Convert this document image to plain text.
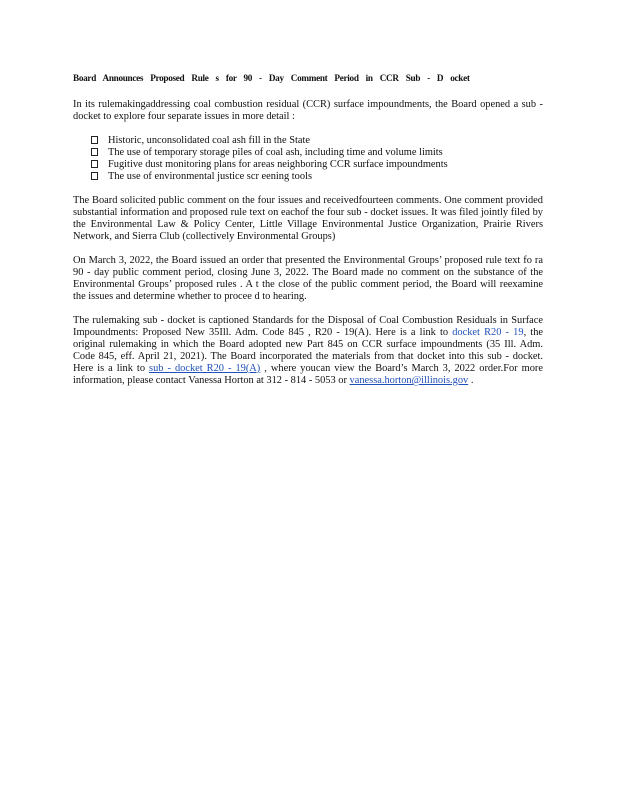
Board Announces Proposed Rule s for 90 - Day Comment Period in CCR Sub - D ocket

In its rulemakingaddressing coal combustion residual (CCR) surface impoundments, the Board opened a sub - docket to explore four separate issues in more detail :

Historic, unconsolidated coal ash fill in the State
The use of temporary storage piles of coal ash, including time and volume limits
Fugitive dust monitoring plans for areas neighboring CCR surface impoundments
The use of environmental justice scr eening tools

The Board solicited public comment on the four issues and receivedfourteen comments. One comment provided substantial information and proposed rule text on eachof the four sub - docket issues. It was filed jointly filed by the Environmental Law & Policy Center, Little Village Environmental Justice Organization, Prairie Rivers Network, and Sierra Club (collectively Environmental Groups)

On March 3, 2022, the Board issued an order that presented the Environmental Groups’ proposed rule text fo ra 90 - day public comment period, closing June 3, 2022. The Board made no comment on the substance of the Environmental Groups’ proposed rules . A t the close of the public comment period, the Board will reexamine the issues and determine whether to procee d to hearing.

The rulemaking sub - docket is captioned Standards for the Disposal of Coal Combustion Residuals in Surface Impoundments: Proposed New 35Ill. Adm. Code 845 , R20 - 19(A). Here is a link to docket R20 - 19, the original rulemaking in which the Board adopted new Part 845 on CCR surface impoundments (35 Ill. Adm. Code 845, eff. April 21, 2021). The Board incorporated the materials from that docket into this sub - docket. Here is a link to sub - docket R20 - 19(A) , where youcan view the Board’s March 3, 2022 order.For more information, please contact Vanessa Horton at 312 - 814 - 5053 or vanessa.horton@illinois.gov .
